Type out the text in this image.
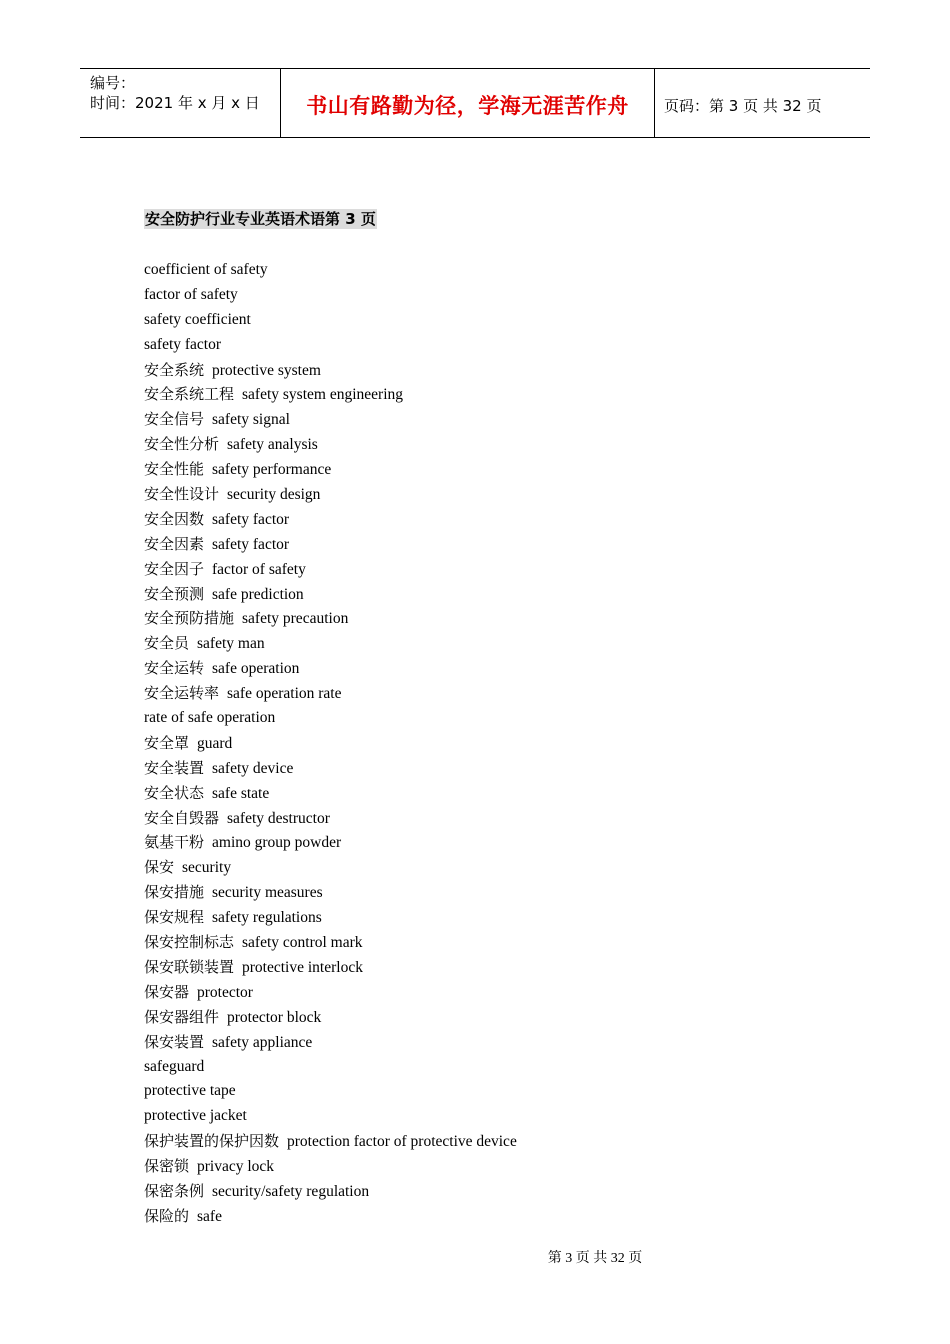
编号：
时间：2021 年 x 月 x 日	书山有路勤为径，学海无涯苦作舟 页码：第 3 页 共 32 页
安全防护行业专业英语术语第 3 页
coefficient of safety
factor of safety
safety coefficient
safety factor
安全系统 protective system
安全系统工程 safety system engineering
安全信号 safety signal
安全性分析 safety analysis
安全性能 safety performance
安全性设计 security design
安全因数 safety factor
安全因素 safety factor
安全因子 factor of safety
安全预测 safe prediction
安全预防措施 safety precaution
安全员 safety man
安全运转 safe operation
安全运转率 safe operation rate
rate of safe operation
安全罩 guard
安全装置 safety device
安全状态 safe state
安全自毁器 safety destructor
氨基干粉 amino group powder
保安 security
保安措施 security measures
保安规程 safety regulations
保安控制标志 safety control mark
保安联锁装置 protective interlock
保安器 protector
保安器组件 protector block
保安装置 safety appliance
safeguard
protective tape
protective jacket
保护装置的保护因数 protection factor of protective device
保密锁 privacy lock
保密条例 security/safety regulation
保险的 safe
第 3 页 共 32 页
